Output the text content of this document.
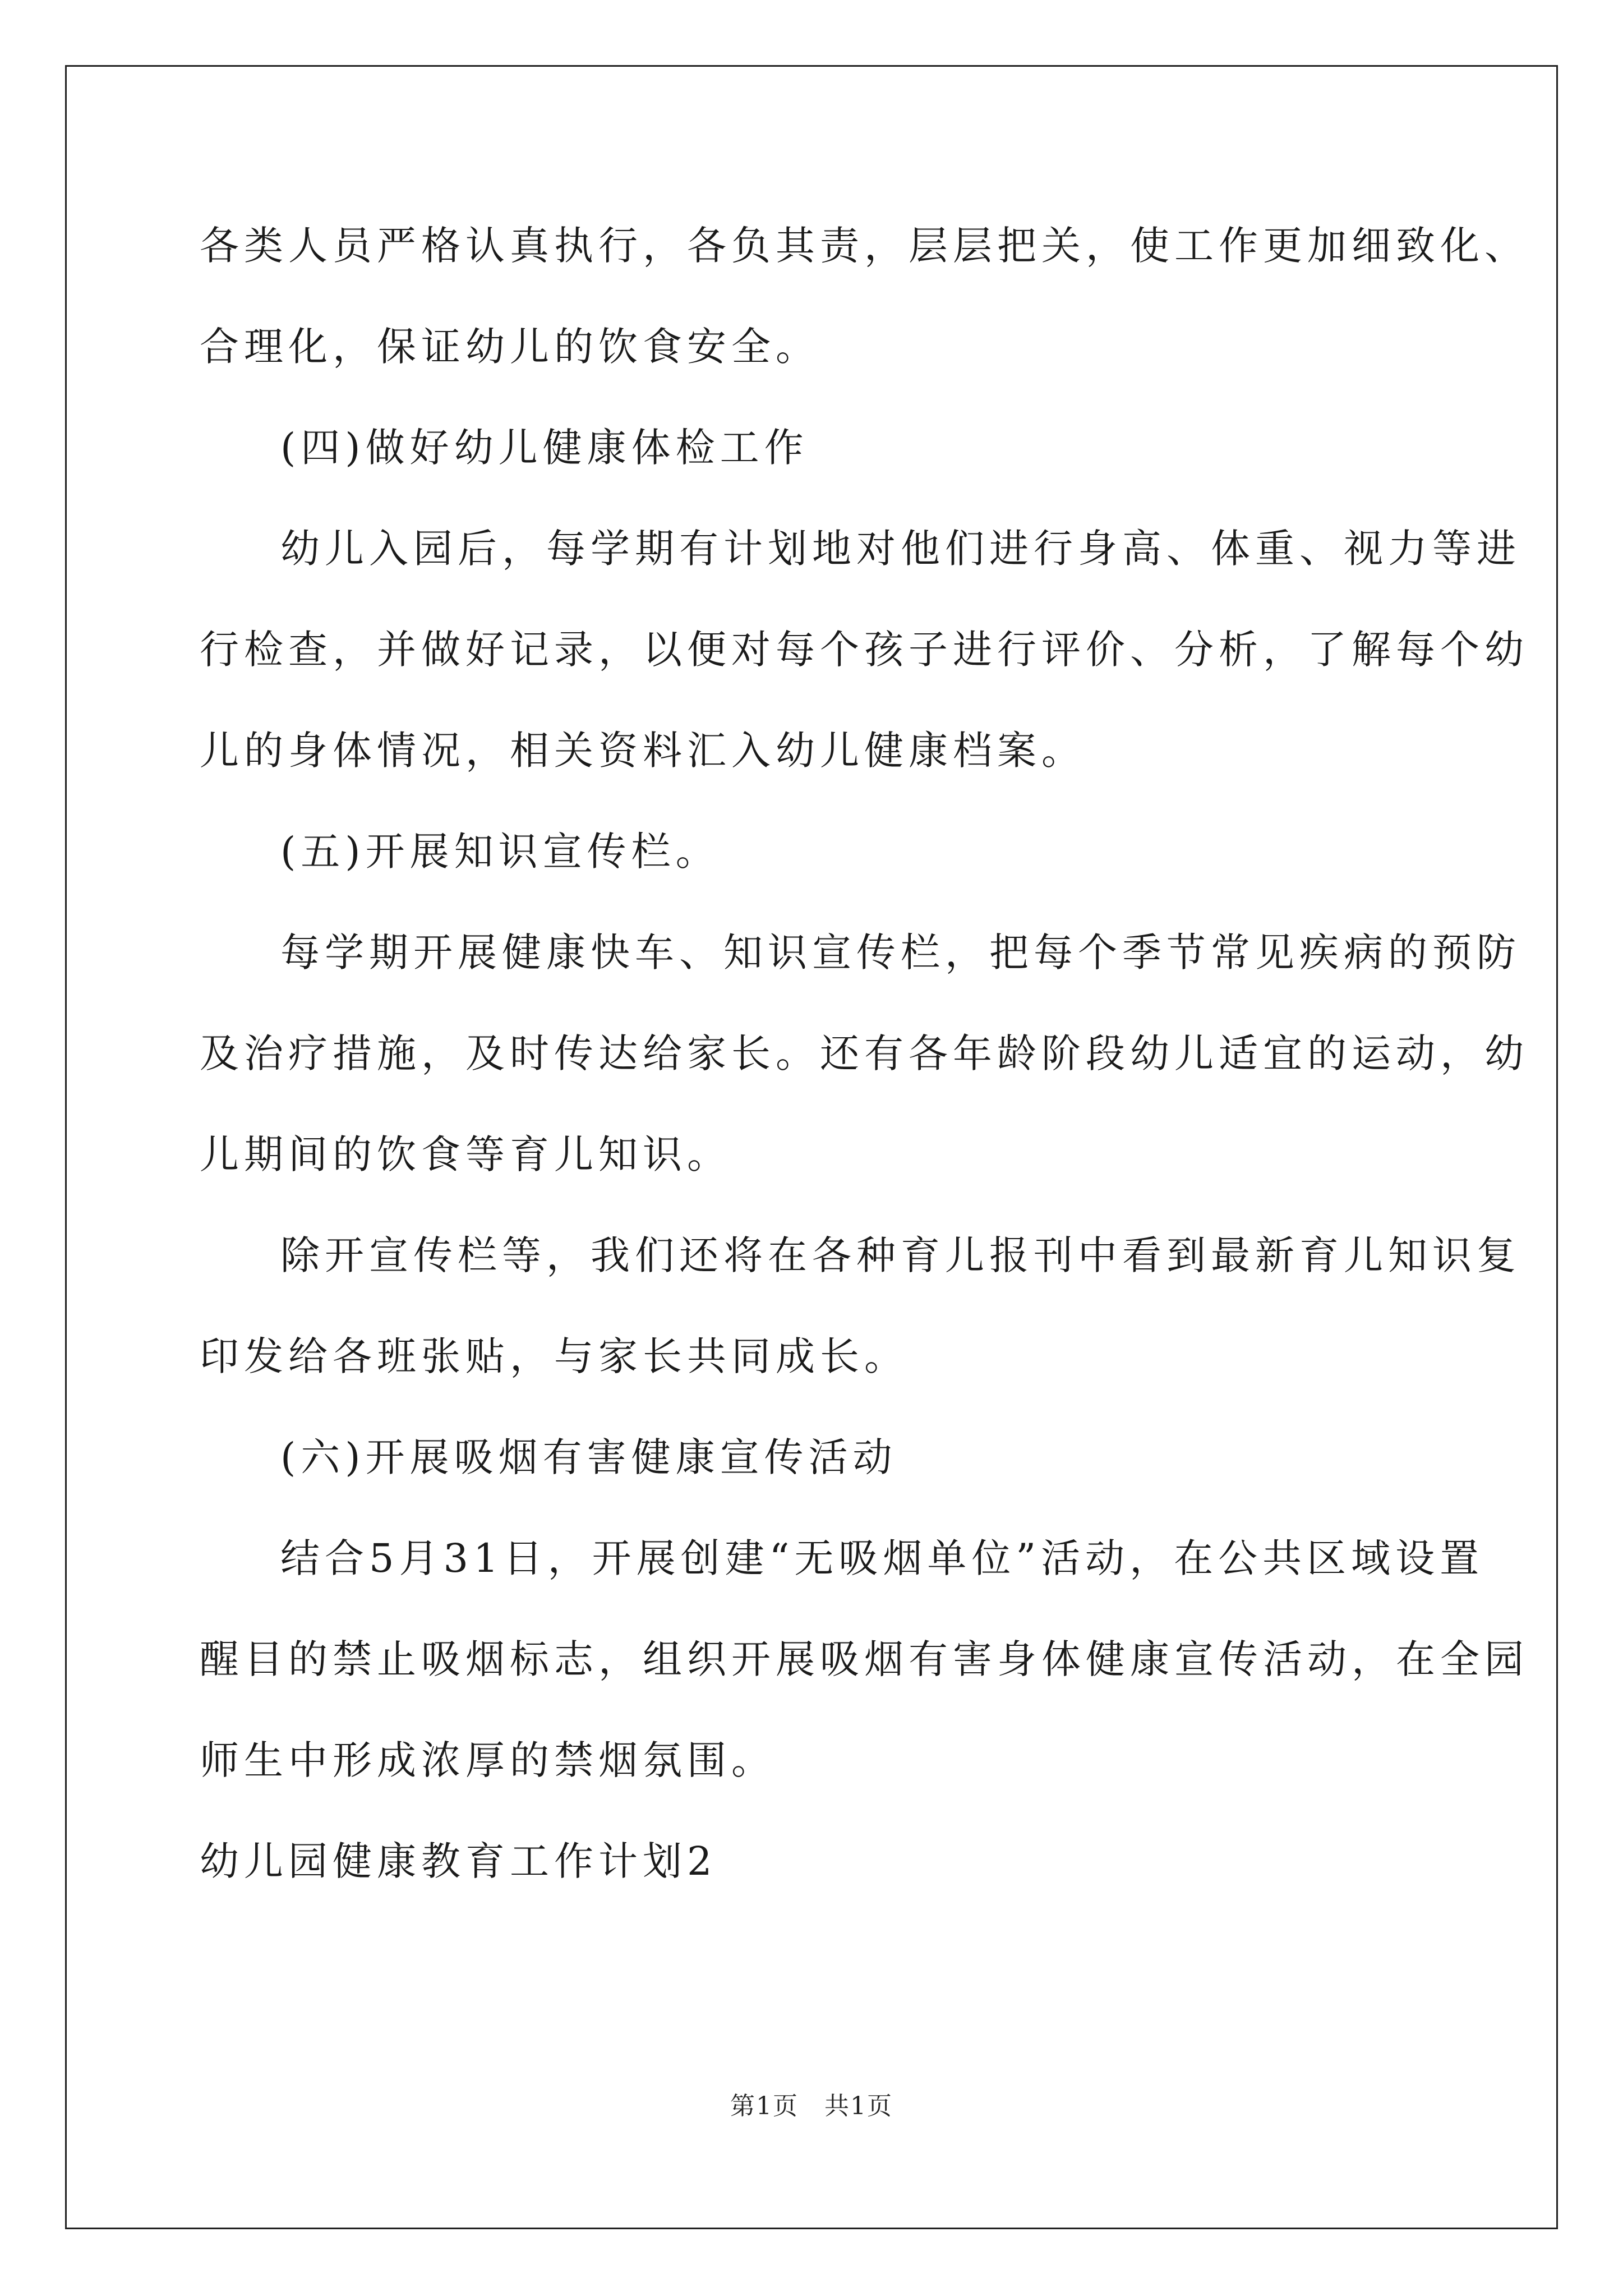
各类人员严格认真执行，各负其责，层层把关，使工作更加细致化、

合理化，保证幼儿的饮食安全。

(四)做好幼儿健康体检工作

幼儿入园后，每学期有计划地对他们进行身高、体重、视力等进

行检查，并做好记录，以便对每个孩子进行评价、分析，了解每个幼

儿的身体情况，相关资料汇入幼儿健康档案。

(五)开展知识宣传栏。

每学期开展健康快车、知识宣传栏，把每个季节常见疾病的预防

及治疗措施，及时传达给家长。还有各年龄阶段幼儿适宜的运动，幼

儿期间的饮食等育儿知识。

除开宣传栏等，我们还将在各种育儿报刊中看到最新育儿知识复

印发给各班张贴，与家长共同成长。

(六)开展吸烟有害健康宣传活动

结合5月31日，开展创建“无吸烟单位”活动，在公共区域设置

醒目的禁止吸烟标志，组织开展吸烟有害身体健康宣传活动，在全园

师生中形成浓厚的禁烟氛围。

幼儿园健康教育工作计划2

第1页　共1页
